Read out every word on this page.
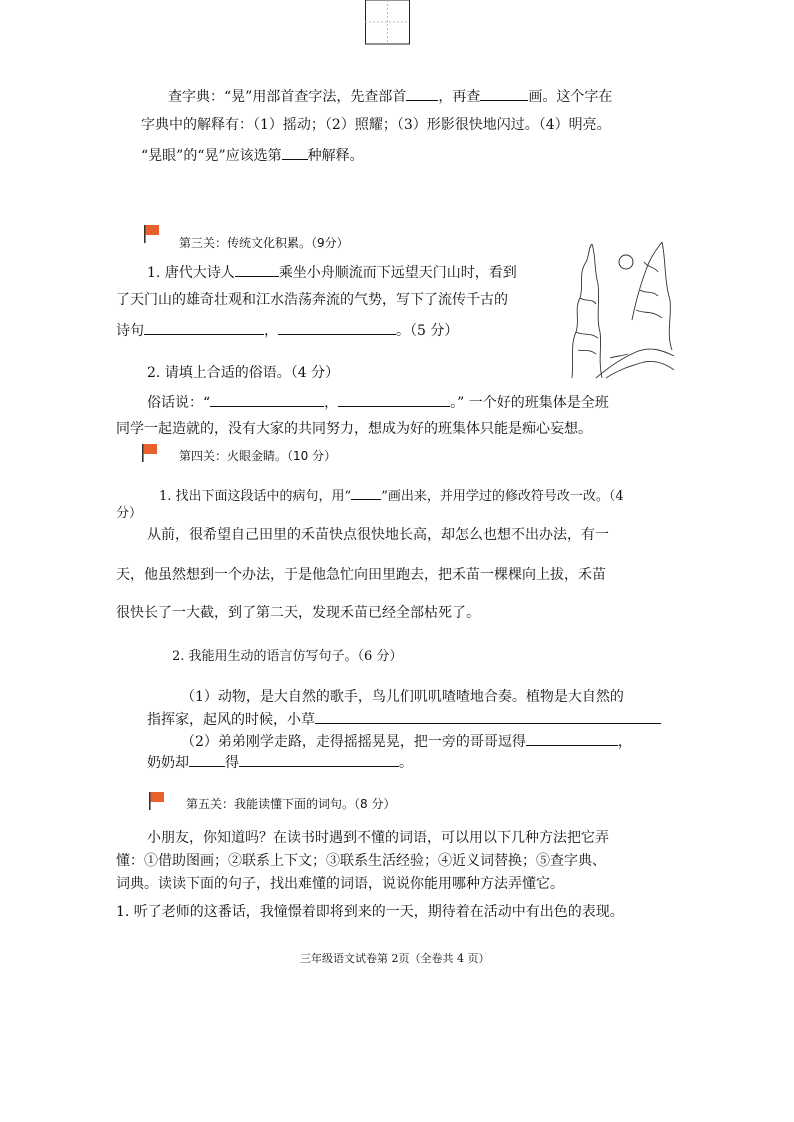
查字典：“晃”用部首查字法，先查部首 ，再查	画。这个字在
字典中的解释有：（1）摇动；（2）照耀；（3）形影很快地闪过。（4）明亮。
“晃眼”的“晃”应该选第 种解释。
第三关：传统文化积累。（9分）
1. 唐代大诗人	乘坐小舟顺流而下远望天门山时，看到
了天门山的雄奇壮观和江水浩荡奔流的气势，写下了流传千古的
诗句	，	。（5 分）
2. 请填上合适的俗语。（4 分）
俗话说：“	，	。” 一个好的班集体是全班
同学一起造就的，没有大家的共同努力，想成为好的班集体只能是痴心妄想。
第四关：火眼金睛。（10 分）
1. 找出下面这段话中的病句，用“ ”画出来，并用学过的修改符号改一改。（4
分）
从前，很希望自己田里的禾苗快点很快地长高，却怎么也想不出办法，有一
天，他虽然想到一个办法，于是他急忙向田里跑去，把禾苗一棵棵向上拔，禾苗
很快长了一大截，到了第二天，发现禾苗已经全部枯死了。
2. 我能用生动的语言仿写句子。（6 分）
（1）动物，是大自然的歌手，鸟儿们叽叽喳喳地合奏。植物是大自然的
指挥家，起风的时候，小草
（2）弟弟刚学走路，走得摇摇晃晃，把一旁的哥哥逗得	，
奶奶却	得	。
第五关：我能读懂下面的词句。（8 分）
小朋友，你知道吗？在读书时遇到不懂的词语，可以用以下几种方法把它弄
懂：①借助图画；②联系上下文；③联系生活经验；④近义词替换；⑤查字典、
词典。读读下面的句子，找出难懂的词语，说说你能用哪种方法弄懂它。
1. 听了老师的这番话，我憧憬着即将到来的一天，期待着在活动中有出色的表现。
三年级语文试卷第 2页（全卷共 4 页）
